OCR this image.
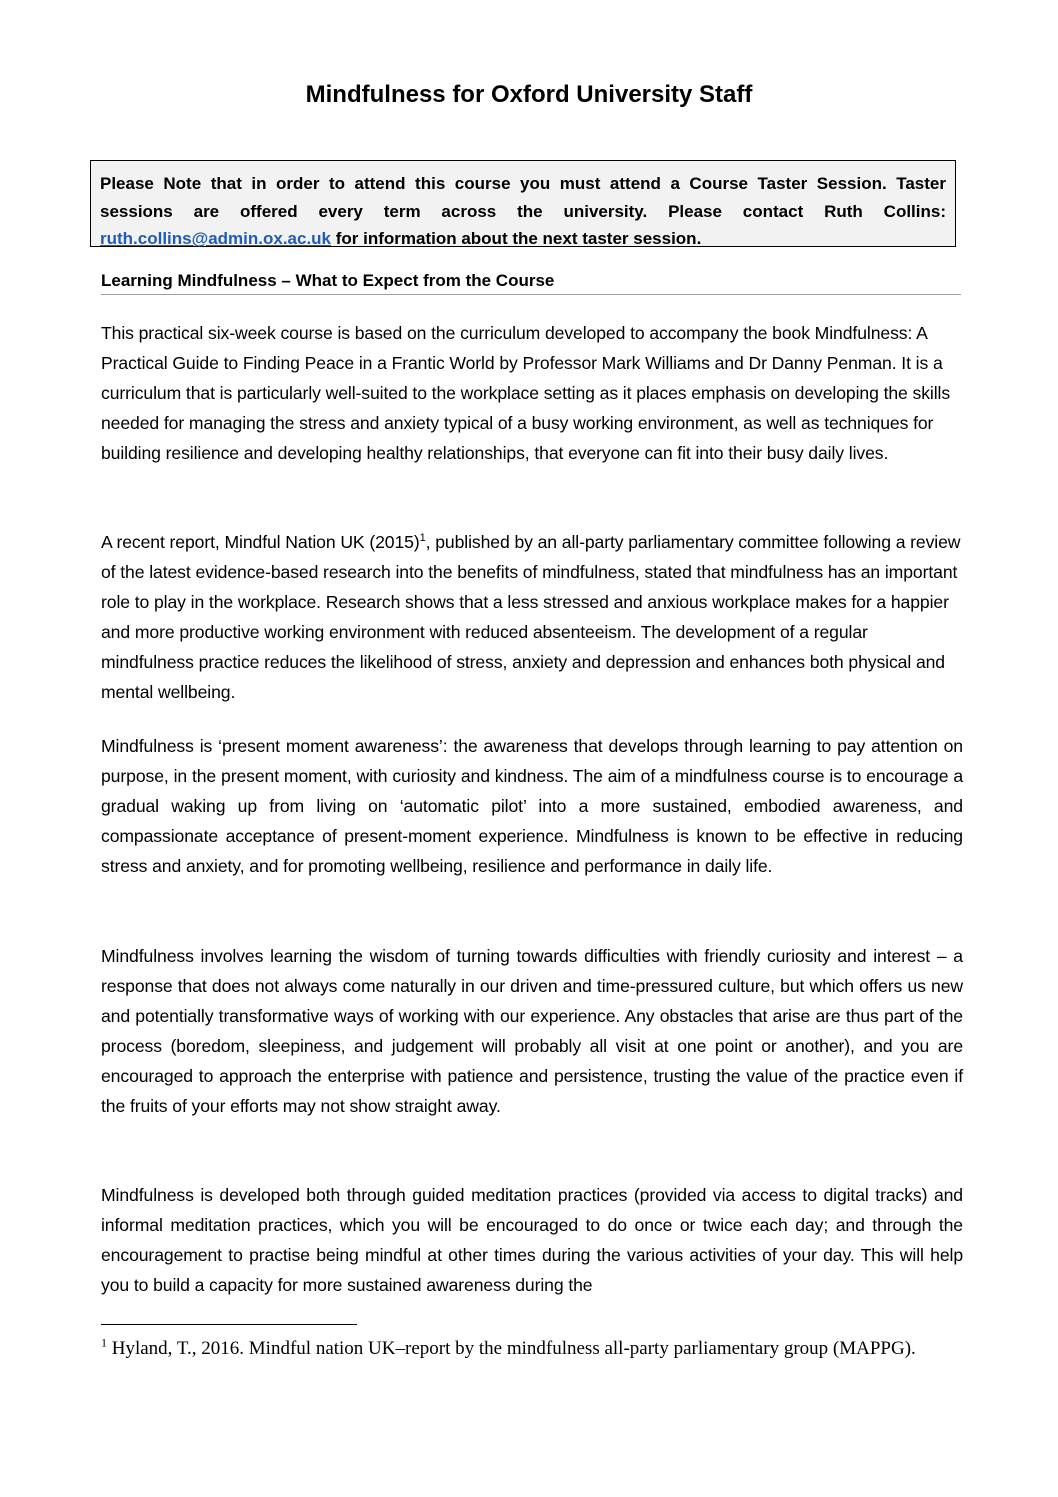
Mindfulness for Oxford University Staff
Please Note that in order to attend this course you must attend a Course Taster Session. Taster sessions are offered every term across the university. Please contact Ruth Collins: ruth.collins@admin.ox.ac.uk for information about the next taster session.
Learning Mindfulness – What to Expect from the Course

This practical six-week course is based on the curriculum developed to accompany the book Mindfulness: A Practical Guide to Finding Peace in a Frantic World by Professor Mark Williams and Dr Danny Penman. It is a curriculum that is particularly well-suited to the workplace setting as it places emphasis on developing the skills needed for managing the stress and anxiety typical of a busy working environment, as well as techniques for building resilience and developing healthy relationships, that everyone can fit into their busy daily lives.

A recent report, Mindful Nation UK (2015)$^1$, published by an all-party parliamentary committee following a review of the latest evidence-based research into the benefits of mindfulness, stated that mindfulness has an important role to play in the workplace. Research shows that a less stressed and anxious workplace makes for a happier and more productive working environment with reduced absenteeism. The development of a regular mindfulness practice reduces the likelihood of stress, anxiety and depression and enhances both physical and mental wellbeing.

Mindfulness is ‘present moment awareness’: the awareness that develops through learning to pay attention on purpose, in the present moment, with curiosity and kindness. The aim of a mindfulness course is to encourage a gradual waking up from living on ‘automatic pilot’ into a more sustained, embodied awareness, and compassionate acceptance of present-moment experience. Mindfulness is known to be effective in reducing stress and anxiety, and for promoting wellbeing, resilience and performance in daily life.

Mindfulness involves learning the wisdom of turning towards difficulties with friendly curiosity and interest – a response that does not always come naturally in our driven and time-pressured culture, but which offers us new and potentially transformative ways of working with our experience. Any obstacles that arise are thus part of the process (boredom, sleepiness, and judgement will probably all visit at one point or another), and you are encouraged to approach the enterprise with patience and persistence, trusting the value of the practice even if the fruits of your efforts may not show straight away.

Mindfulness is developed both through guided meditation practices (provided via access to digital tracks) and informal meditation practices, which you will be encouraged to do once or twice each day; and through the encouragement to practise being mindful at other times during the various activities of your day. This will help you to build a capacity for more sustained awareness during the

$^1$ Hyland, T., 2016. Mindful nation UK–report by the mindfulness all-party parliamentary group (MAPPG).
